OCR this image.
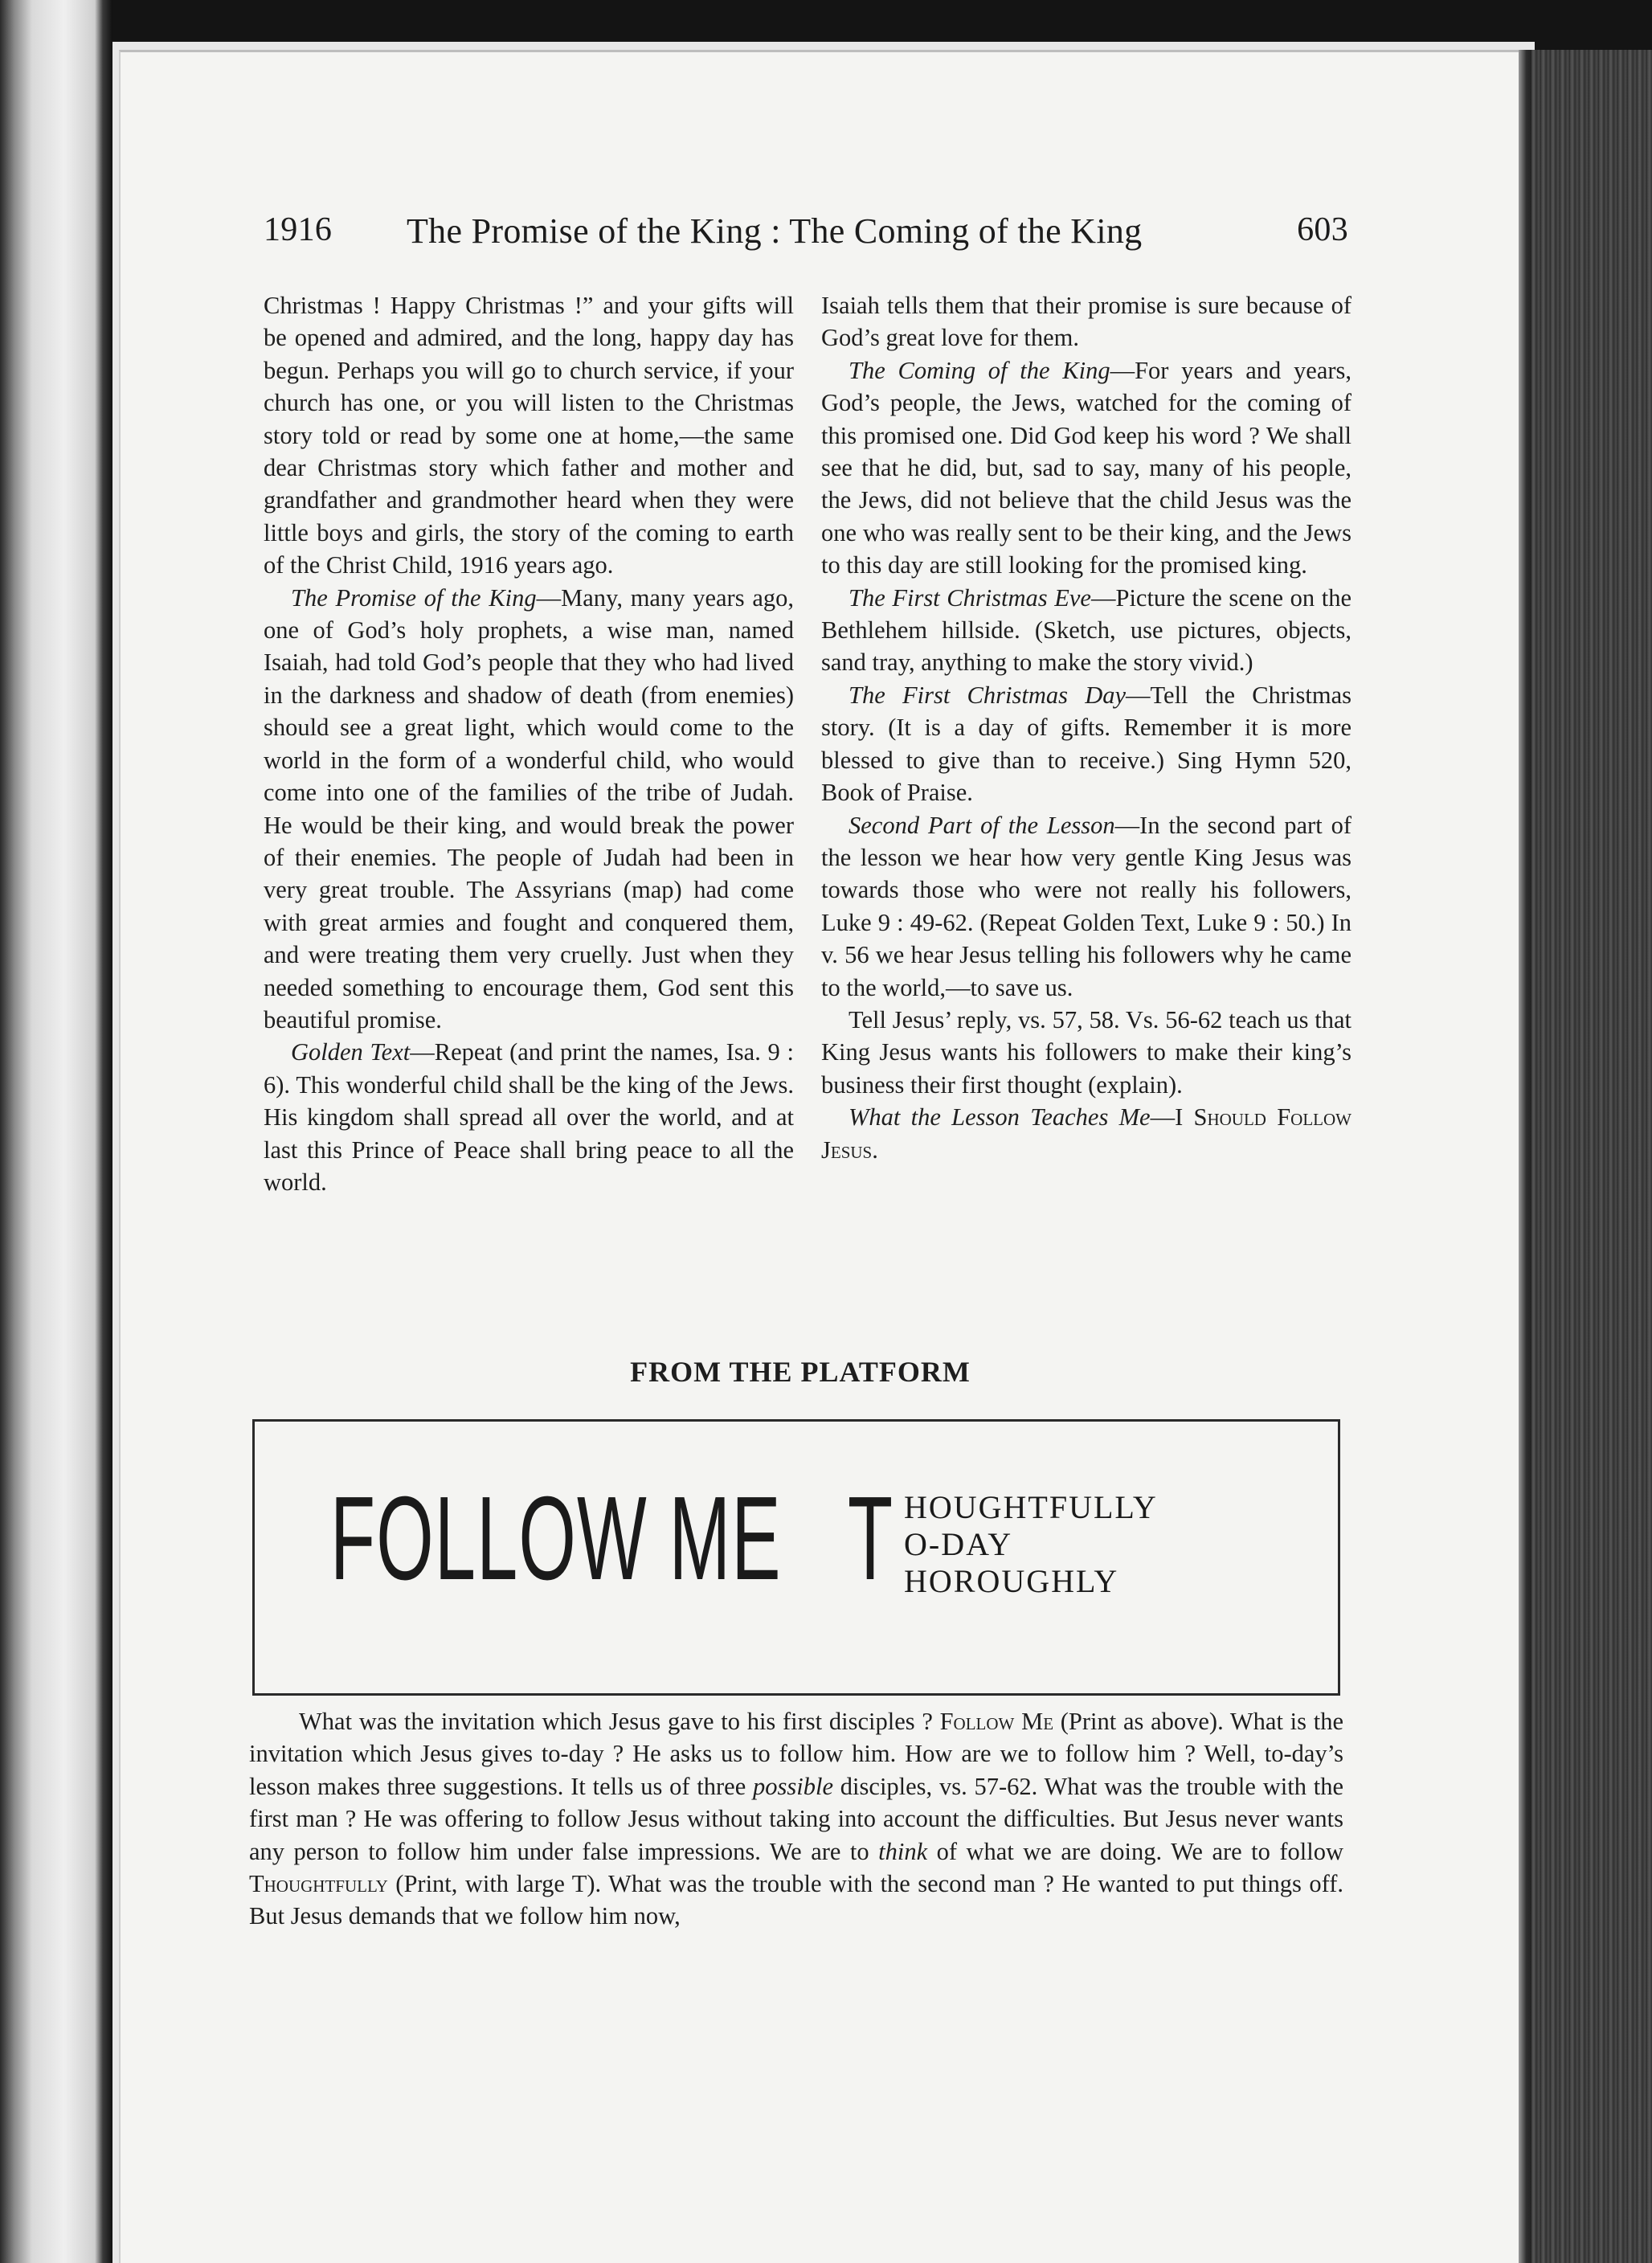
1916 The Promise of the King : The Coming of the King	603

Christmas ! Happy Christmas !” and your gifts will be opened and admired, and the long, happy day has begun. Perhaps you will go to church service, if your church has one, or you will listen to the Christmas story told or read by some one at home,—the same dear Christmas story which father and mother and grandfather and grandmother heard when they were little boys and girls, the story of the coming to earth of the Christ Child, 1916 years ago.

The Promise of the King—Many, many years ago, one of God’s holy prophets, a wise man, named Isaiah, had told God’s people that they who had lived in the darkness and shadow of death (from enemies) should see a great light, which would come to the world in the form of a wonderful child, who would come into one of the families of the tribe of Judah. He would be their king, and would break the power of their enemies. The people of Judah had been in very great trouble. The Assyrians (map) had come with great armies and fought and conquered them, and were treating them very cruelly. Just when they needed something to encourage them, God sent this beautiful promise.

Golden Text—Repeat (and print the names, Isa. 9 : 6). This wonderful child shall be the king of the Jews. His kingdom shall spread all over the world, and at last this Prince of Peace shall bring peace to all the world.

Isaiah tells them that their promise is sure because of God’s great love for them.

The Coming of the King—For years and years, God’s people, the Jews, watched for the coming of this promised one. Did God keep his word ? We shall see that he did, but, sad to say, many of his people, the Jews, did not believe that the child Jesus was the one who was really sent to be their king, and the Jews to this day are still looking for the promised king.

The First Christmas Eve—Picture the scene on the Bethlehem hillside. (Sketch, use pictures, objects, sand tray, anything to make the story vivid.)

The First Christmas Day—Tell the Christmas story. (It is a day of gifts. Remember it is more blessed to give than to receive.) Sing Hymn 520, Book of Praise.

Second Part of the Lesson—In the second part of the lesson we hear how very gentle King Jesus was towards those who were not really his followers, Luke 9 : 49-62. (Repeat Golden Text, Luke 9 : 50.) In v. 56 we hear Jesus telling his followers why he came to the world,—to save us.

Tell Jesus’ reply, vs. 57, 58. Vs. 56-62 teach us that King Jesus wants his followers to make their king’s business their first thought (explain).

What the Lesson Teaches Me—I Should Follow Jesus.

FROM THE PLATFORM
FOLLOW ME T HOUGHTFULLY
O-DAY
HOROUGHLY

What was the invitation which Jesus gave to his first disciples ? Follow Me (Print as above). What is the invitation which Jesus gives to-day ? He asks us to follow him. How are we to follow him ? Well, to-day’s lesson makes three suggestions. It tells us of three possible disciples, vs. 57-62. What was the trouble with the first man ? He was offering to follow Jesus without taking into account the difficulties. But Jesus never wants any person to follow him under false impressions. We are to think of what we are doing. We are to follow Thoughtfully (Print, with large T). What was the trouble with the second man ? He wanted to put things off. But Jesus demands that we follow him now,
